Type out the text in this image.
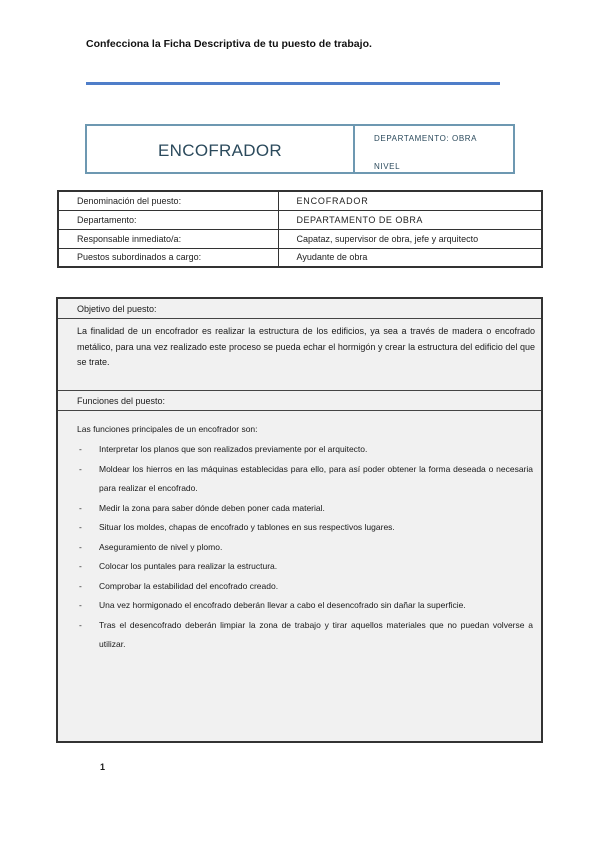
Confecciona la Ficha Descriptiva de tu puesto de trabajo.
ENCOFRADOR
DEPARTAMENTO: OBRA
NIVEL
Denominación del puesto:	ENCOFRADOR
Departamento:	DEPARTAMENTO DE OBRA
Responsable inmediato/a:	Capataz, supervisor de obra, jefe y arquitecto
Puestos subordinados a cargo:	Ayudante de obra
Objetivo del puesto:
La finalidad de un encofrador es realizar la estructura de los edificios, ya sea a través de madera o encofrado metálico, para una vez realizado este proceso se pueda echar el hormigón y crear la estructura del edificio del que se trate.
Funciones del puesto:
Las funciones principales de un encofrador son:
- Interpretar los planos que son realizados previamente por el arquitecto.
- Moldear los hierros en las máquinas establecidas para ello, para así poder obtener la forma deseada o necesaria para realizar el encofrado.
- Medir la zona para saber dónde deben poner cada material.
- Situar los moldes, chapas de encofrado y tablones en sus respectivos lugares.
- Aseguramiento de nivel y plomo.
- Colocar los puntales para realizar la estructura.
- Comprobar la estabilidad del encofrado creado.
- Una vez hormigonado el encofrado deberán llevar a cabo el desencofrado sin dañar la superficie.
- Tras el desencofrado deberán limpiar la zona de trabajo y tirar aquellos materiales que no puedan volverse a utilizar.
1
